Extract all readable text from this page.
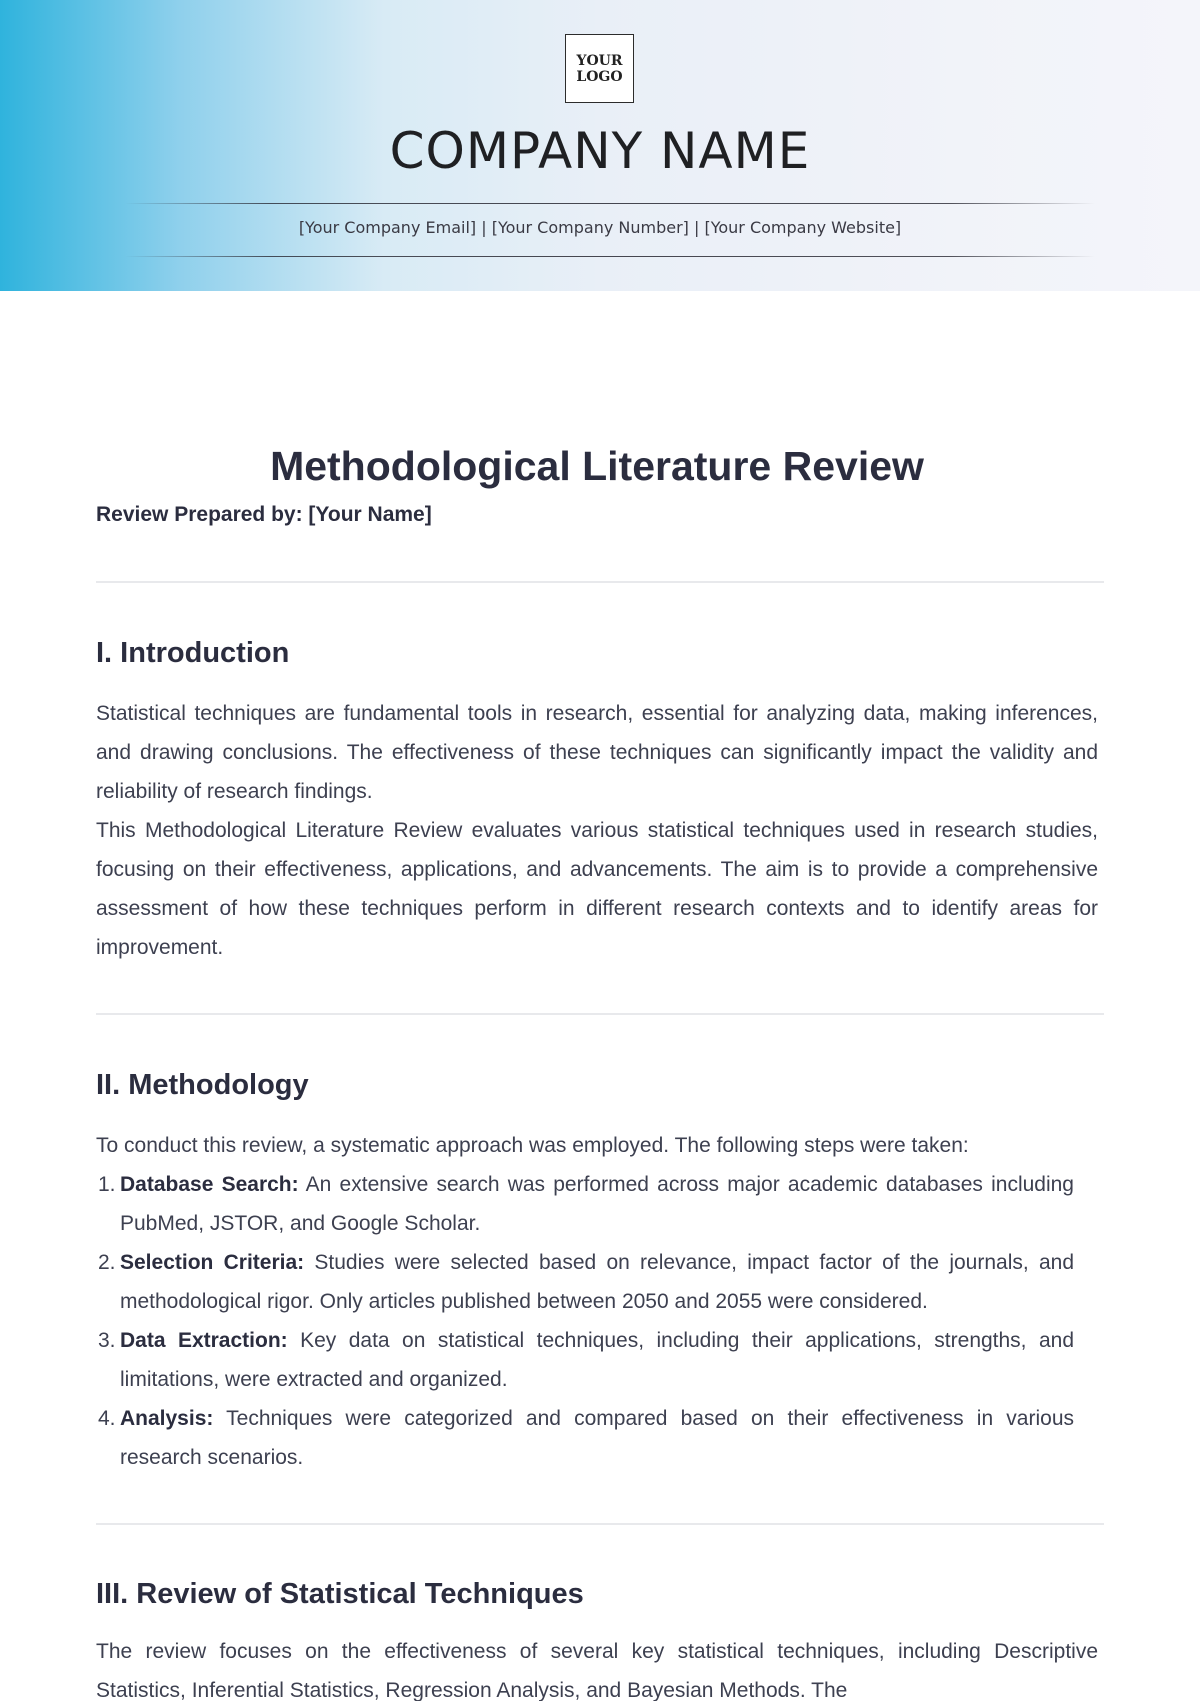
YOUR
LOGO
COMPANY NAME
[Your Company Email] | [Your Company Number] | [Your Company Website]
Methodological Literature Review
Review Prepared by: [Your Name]
I. Introduction

Statistical techniques are fundamental tools in research, essential for analyzing data, making inferences, and drawing conclusions. The effectiveness of these techniques can significantly impact the validity and reliability of research findings.

This Methodological Literature Review evaluates various statistical techniques used in research studies, focusing on their effectiveness, applications, and advancements. The aim is to provide a comprehensive assessment of how these techniques perform in different research contexts and to identify areas for improvement.

II. Methodology

To conduct this review, a systematic approach was employed. The following steps were taken:

1. Database Search: An extensive search was performed across major academic databases including PubMed, JSTOR, and Google Scholar.
2. Selection Criteria: Studies were selected based on relevance, impact factor of the journals, and methodological rigor. Only articles published between 2050 and 2055 were considered.
3. Data Extraction: Key data on statistical techniques, including their applications, strengths, and limitations, were extracted and organized.
4. Analysis: Techniques were categorized and compared based on their effectiveness in various research scenarios.
III. Review of Statistical Techniques

The review focuses on the effectiveness of several key statistical techniques, including Descriptive Statistics, Inferential Statistics, Regression Analysis, and Bayesian Methods. The
